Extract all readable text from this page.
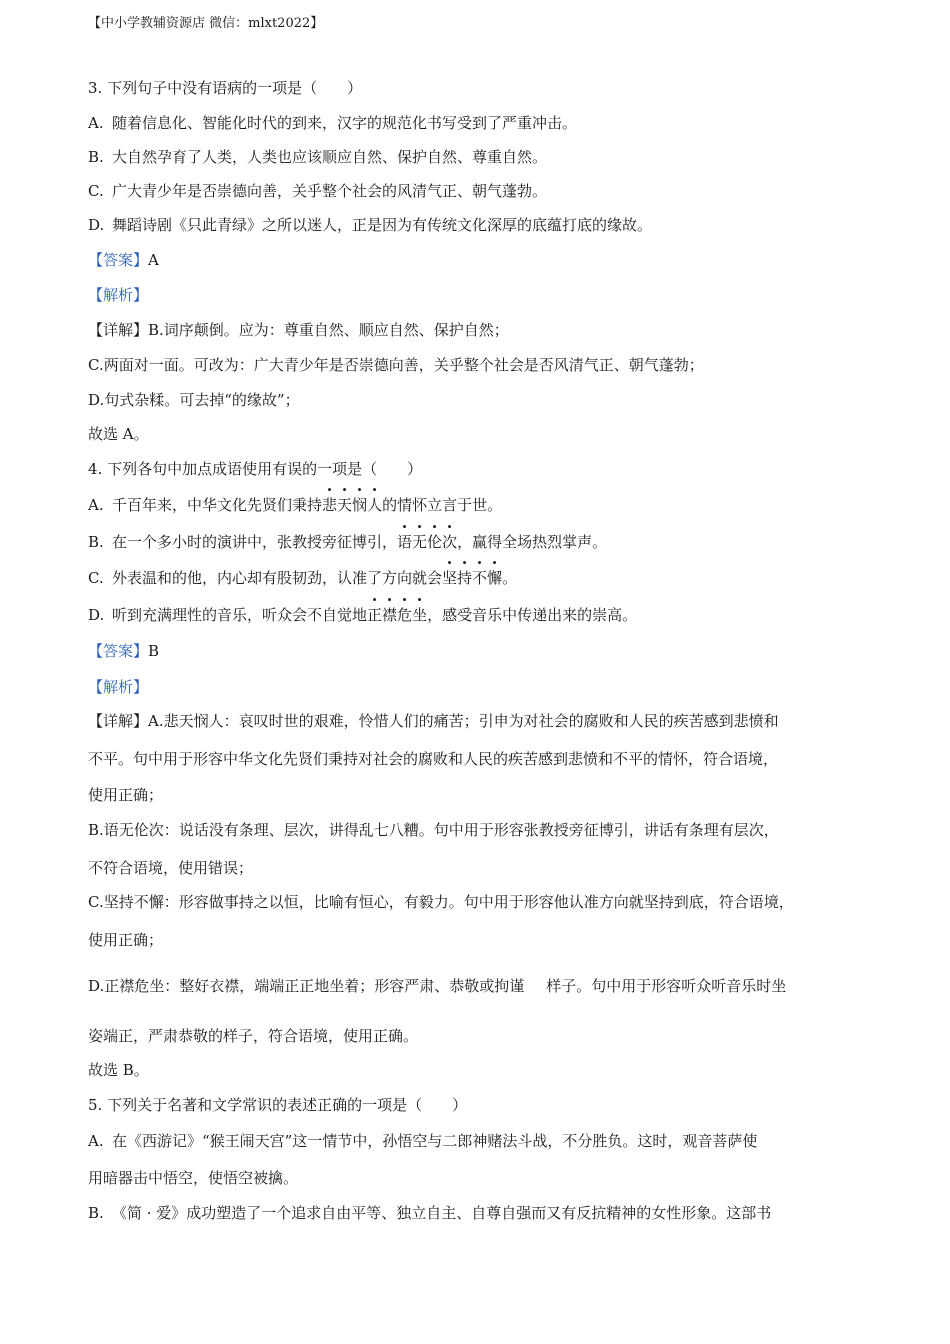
【中小学教辅资源店 微信：mlxt2022】
3. 下列句子中没有语病的一项是（　　）
A. 随着信息化、智能化时代的到来，汉字的规范化书写受到了严重冲击。
B. 大自然孕育了人类，人类也应该顺应自然、保护自然、尊重自然。
C. 广大青少年是否崇德向善，关乎整个社会的风清气正、朝气蓬勃。
D. 舞蹈诗剧《只此青绿》之所以迷人，正是因为有传统文化深厚的底蕴打底的缘故。
【答案】A
【解析】
【详解】B.词序颠倒。应为：尊重自然、顺应自然、保护自然；
C.两面对一面。可改为：广大青少年是否崇德向善，关乎整个社会是否风清气正、朝气蓬勃；
D.句式杂糅。可去掉“的缘故”；
故选 A。
4. 下列各句中加点成语使用有误的一项是（　　）
A. 千百年来，中华文化先贤们秉持悲天悯人的情怀立言于世。
B. 在一个多小时的演讲中，张教授旁征博引，语无伦次，赢得全场热烈掌声。
C. 外表温和的他，内心却有股韧劲，认准了方向就会坚持不懈。
D. 听到充满理性的音乐，听众会不自觉地正襟危坐，感受音乐中传递出来的崇高。
【答案】B
【解析】
【详解】A.悲天悯人：哀叹时世的艰难，怜惜人们的痛苦；引申为对社会的腐败和人民的疾苦感到悲愤和
不平。句中用于形容中华文化先贤们秉持对社会的腐败和人民的疾苦感到悲愤和不平的情怀，符合语境，
使用正确；
B.语无伦次：说话没有条理、层次，讲得乱七八糟。句中用于形容张教授旁征博引，讲话有条理有层次，
不符合语境，使用错误；
C.坚持不懈：形容做事持之以恒，比喻有恒心，有毅力。句中用于形容他认准方向就坚持到底，符合语境，
使用正确；
D.正襟危坐：整好衣襟，端端正正地坐着；形容严肃、恭敬或拘谨 样子。句中用于形容听众听音乐时坐
姿端正，严肃恭敬的样子，符合语境，使用正确。
故选 B。
5. 下列关于名著和文学常识的表述正确的一项是（　　）
A. 在《西游记》“猴王闹天宫”这一情节中，孙悟空与二郎神赌法斗战，不分胜负。这时，观音菩萨使
用暗器击中悟空，使悟空被擒。
B. 《简 · 爱》成功塑造了一个追求自由平等、独立自主、自尊自强而又有反抗精神的女性形象。这部书
